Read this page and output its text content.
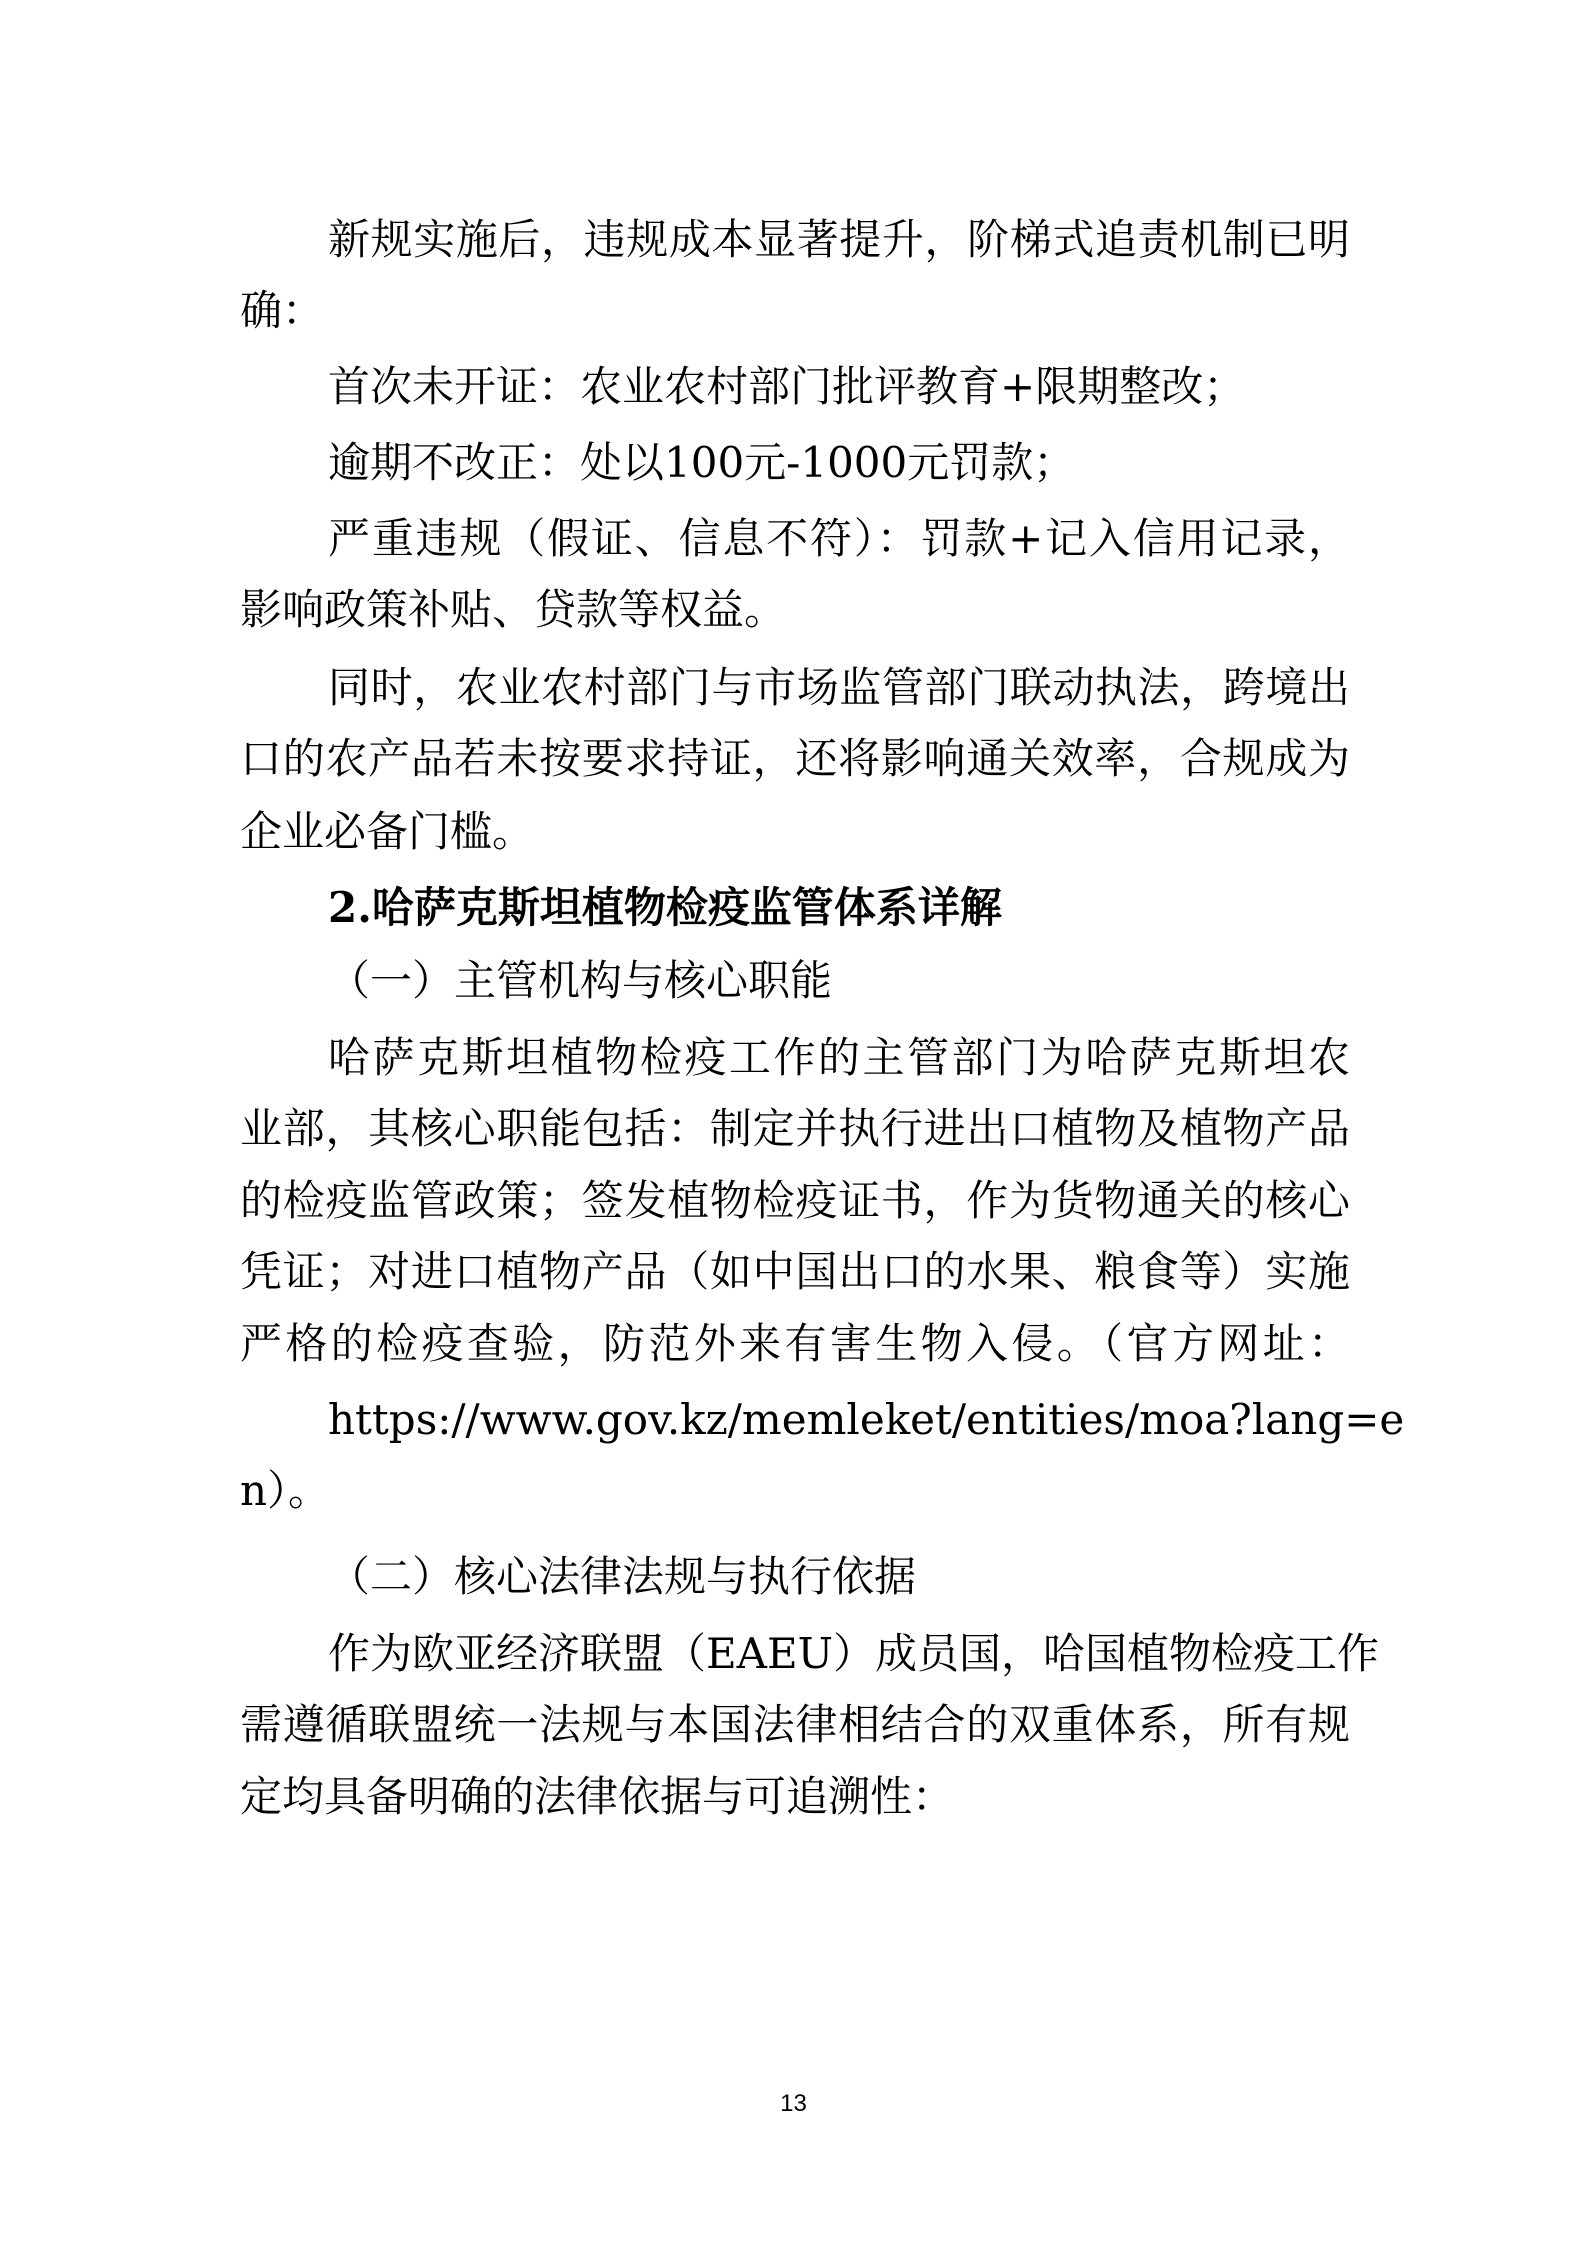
新规实施后，违规成本显著提升，阶梯式追责机制已明
确：
首次未开证：农业农村部门批评教育+限期整改；
逾期不改正：处以100元-1000元罚款；
严重违规（假证、信息不符）：罚款+记入信用记录，
影响政策补贴、贷款等权益。
同时，农业农村部门与市场监管部门联动执法，跨境出
口的农产品若未按要求持证，还将影响通关效率，合规成为
企业必备门槛。
2.哈萨克斯坦植物检疫监管体系详解
（一）主管机构与核心职能
哈萨克斯坦植物检疫工作的主管部门为哈萨克斯坦农
业部，其核心职能包括：制定并执行进出口植物及植物产品
的检疫监管政策；签发植物检疫证书，作为货物通关的核心
凭证；对进口植物产品（如中国出口的水果、粮食等）实施
严格的检疫查验，防范外来有害生物入侵。（官方网址：
https://www.gov.kz/memleket/entities/moa?lang=e
n）。
（二）核心法律法规与执行依据
作为欧亚经济联盟（EAEU）成员国，哈国植物检疫工作
需遵循联盟统一法规与本国法律相结合的双重体系，所有规
定均具备明确的法律依据与可追溯性：
13
